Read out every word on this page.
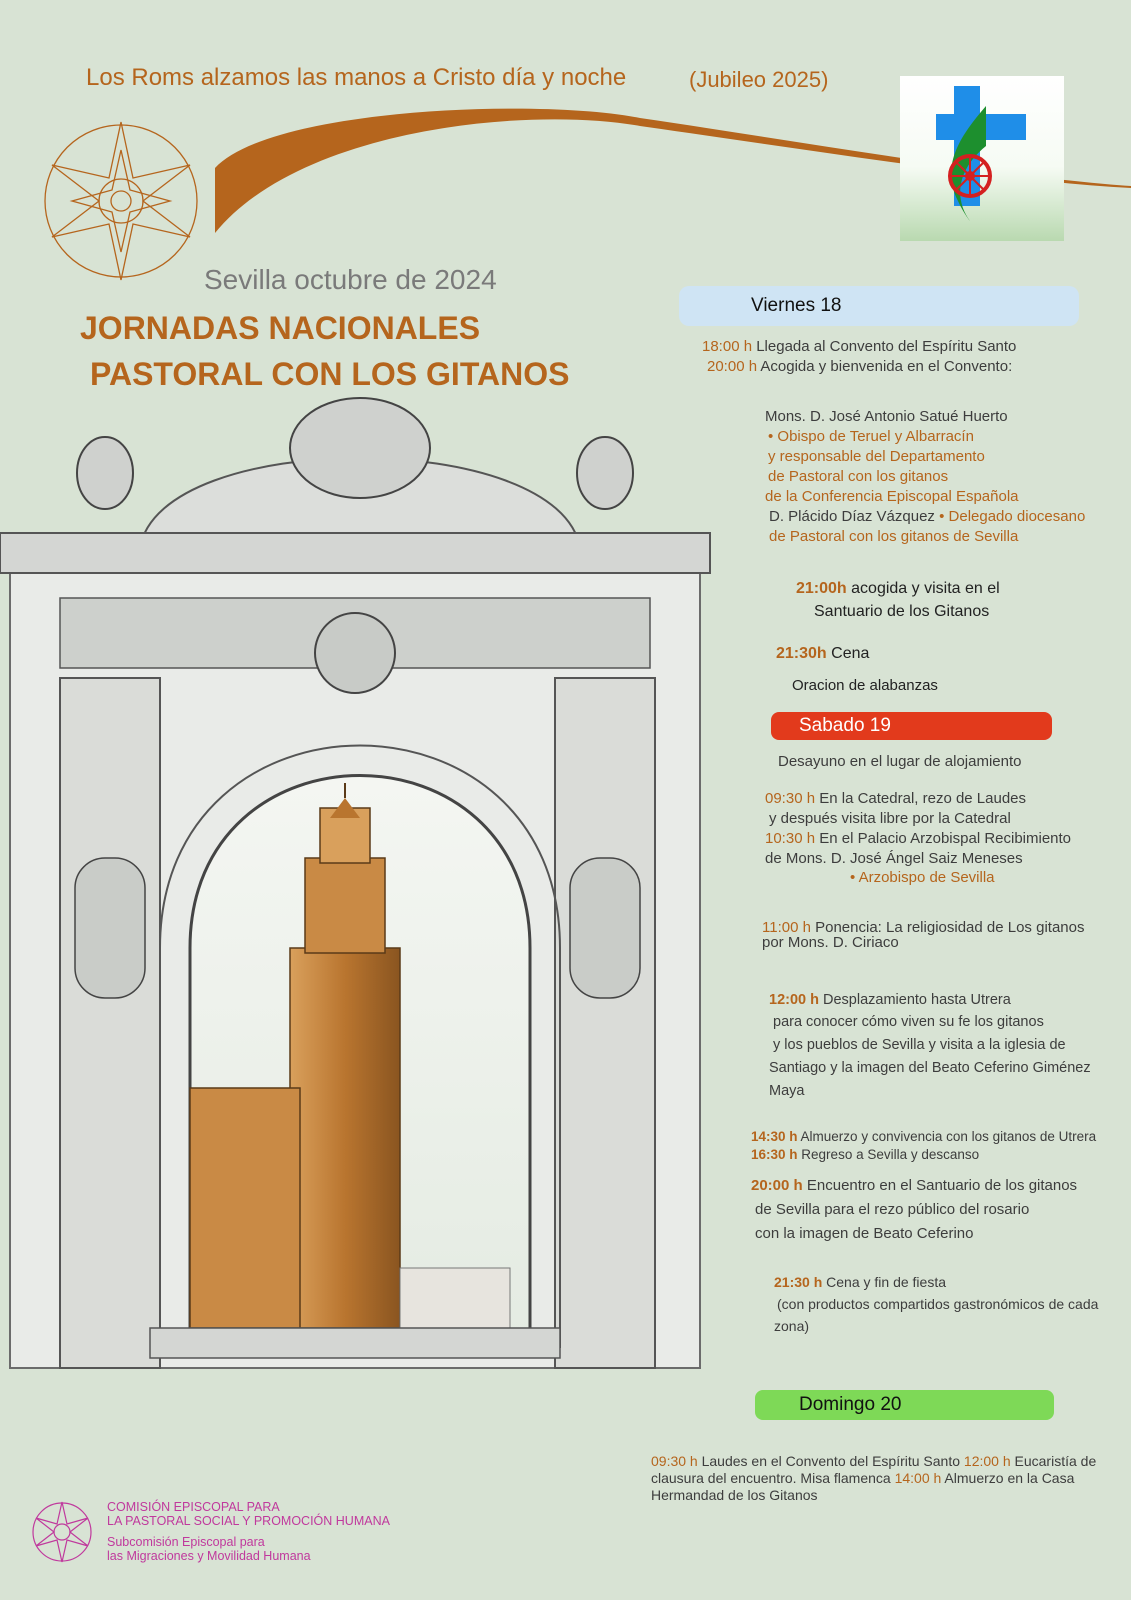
Los Roms alzamos las manos a Cristo día y noche	(Jubileo 2025)
Sevilla octubre de 2024
JORNADAS NACIONALES
PASTORAL CON LOS GITANOS
Viernes 18
18:00 h Llegada al Convento del Espíritu Santo
20:00 h Acogida y bienvenida en el Convento:
Mons. D. José Antonio Satué Huerto
• Obispo de Teruel y Albarracín
y responsable del Departamento
de Pastoral con los gitanos
de la Conferencia Episcopal Española
D. Plácido Díaz Vázquez • Delegado diocesano
de Pastoral con los gitanos de Sevilla
21:00h acogida y visita en el
Santuario de los Gitanos
21:30h Cena
Oracion de alabanzas
Sabado 19
Desayuno en el lugar de alojamiento
09:30 h En la Catedral, rezo de Laudes
y después visita libre por la Catedral
10:30 h En el Palacio Arzobispal Recibimiento
de Mons. D. José Ángel Saiz Meneses
• Arzobispo de Sevilla
11:00 h Ponencia: La religiosidad de Los gitanos
por Mons. D. Ciriaco
12:00 h Desplazamiento hasta Utrera
para conocer cómo viven su fe los gitanos
y los pueblos de Sevilla y visita a la iglesia de
Santiago y la imagen del Beato Ceferino Giménez
Maya
14:30 h Almuerzo y convivencia con los gitanos de Utrera
16:30 h Regreso a Sevilla y descanso
20:00 h Encuentro en el Santuario de los gitanos
de Sevilla para el rezo público del rosario
con la imagen de Beato Ceferino
21:30 h Cena y fin de fiesta
(con productos compartidos gastronómicos de cada
zona)
Domingo 20
09:30 h Laudes en el Convento del Espíritu Santo 12:00 h Eucaristía de
clausura del encuentro. Misa flamenca 14:00 h Almuerzo en la Casa
Hermandad de los Gitanos
COMISIÓN EPISCOPAL PARA
LA PASTORAL SOCIAL Y PROMOCIÓN HUMANA
Subcomisión Episcopal para
las Migraciones y Movilidad Humana
